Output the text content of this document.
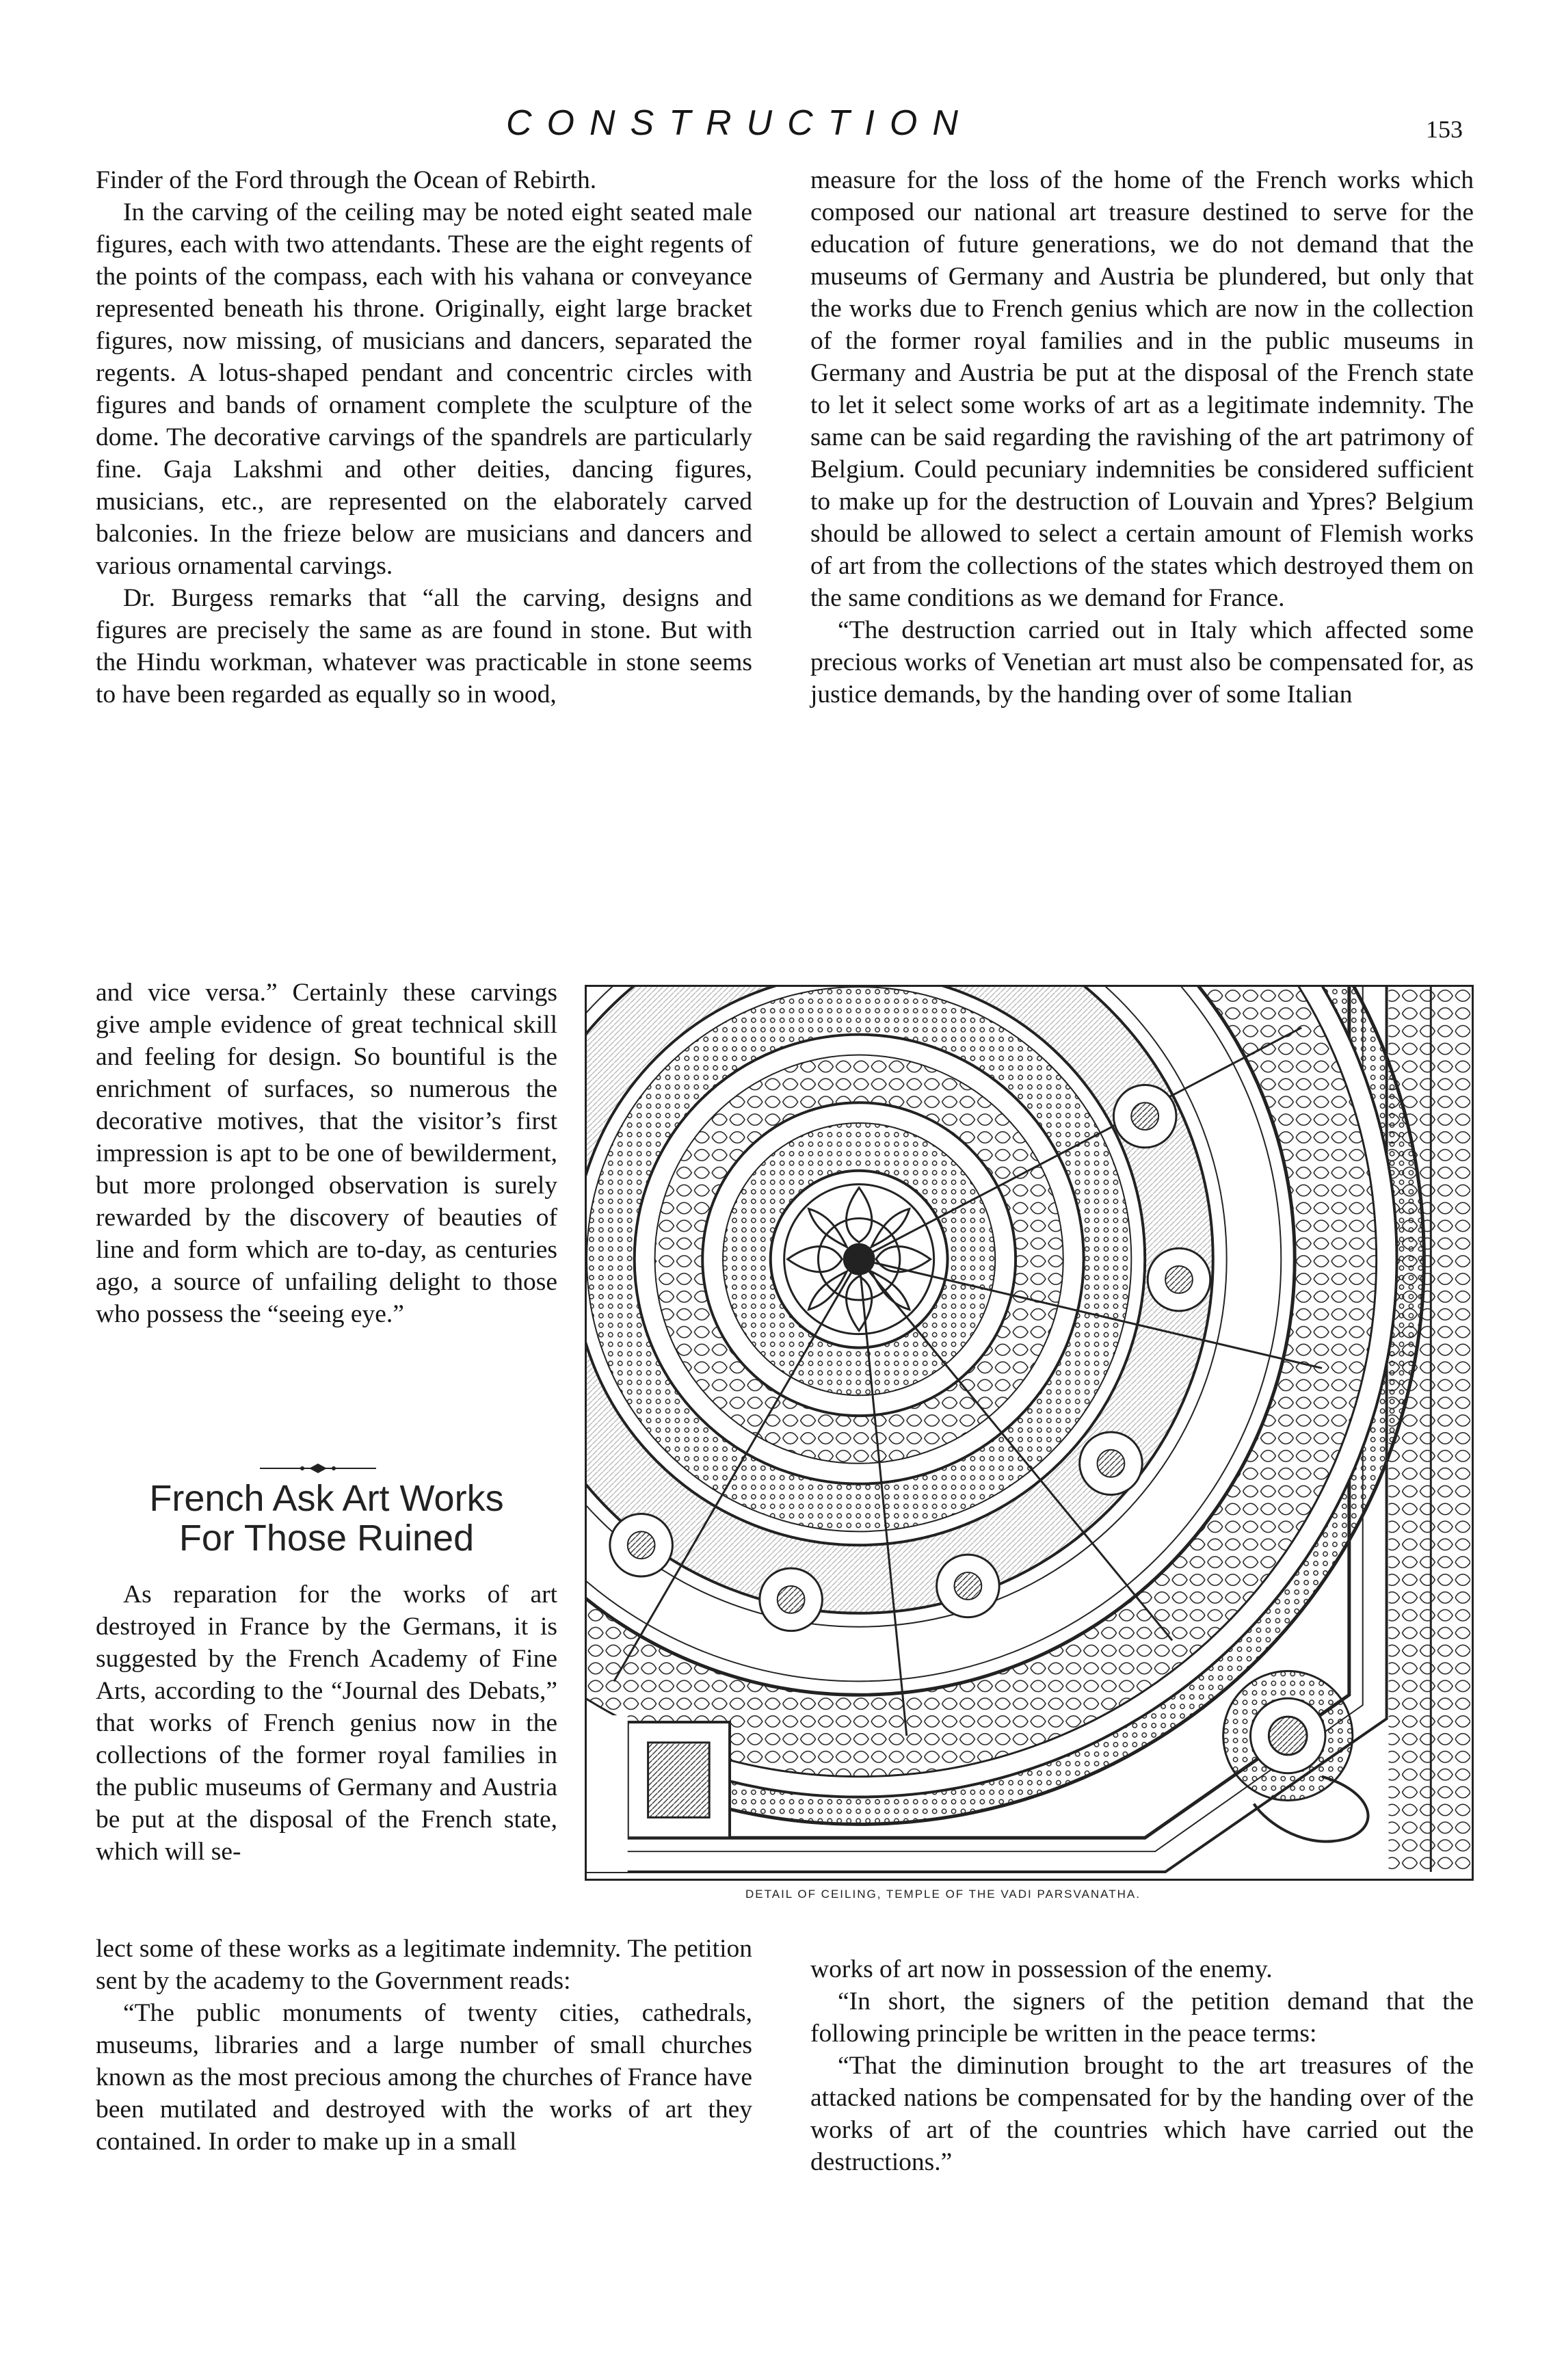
CONSTRUCTION	153

Finder of the Ford through the Ocean of Rebirth.

In the carving of the ceiling may be noted eight seated male figures, each with two attendants. These are the eight regents of the points of the compass, each with his vahana or conveyance represented beneath his throne. Originally, eight large bracket figures, now missing, of musicians and dancers, separated the regents. A lotus-shaped pendant and concentric circles with figures and bands of ornament complete the sculpture of the dome. The decorative carvings of the spandrels are particularly fine. Gaja Lakshmi and other deities, dancing figures, musicians, etc., are represented on the elaborately carved balconies. In the frieze below are musicians and dancers and various ornamental carvings.

Dr. Burgess remarks that “all the carving, designs and figures are precisely the same as are found in stone. But with the Hindu workman, whatever was practicable in stone seems to have been regarded as equally so in wood,

and vice versa.” Certainly these carvings give ample evidence of great technical skill and feeling for design. So bountiful is the enrichment of surfaces, so numerous the decorative motives, that the visitor’s first impression is apt to be one of bewilderment, but more prolonged observation is surely rewarded by the discovery of beauties of line and form which are to-day, as centuries ago, a source of unfailing delight to those who possess the “seeing eye.”

French Ask Art Works
For Those Ruined

As reparation for the works of art destroyed in France by the Germans, it is suggested by the French Academy of Fine Arts, according to the “Journal des Debats,” that works of French genius now in the collections of the former royal families in the public museums of Germany and Austria be put at the disposal of the French state, which will se-

lect some of these works as a legitimate indemnity. The petition sent by the academy to the Government reads:

“The public monuments of twenty cities, cathedrals, museums, libraries and a large number of small churches known as the most precious among the churches of France have been mutilated and destroyed with the works of art they contained. In order to make up in a small

measure for the loss of the home of the French works which composed our national art treasure destined to serve for the education of future generations, we do not demand that the museums of Germany and Austria be plundered, but only that the works due to French genius which are now in the collection of the former royal families and in the public museums in Germany and Austria be put at the disposal of the French state to let it select some works of art as a legitimate indemnity. The same can be said regarding the ravishing of the art patrimony of Belgium. Could pecuniary indemnities be considered sufficient to make up for the destruction of Louvain and Ypres? Belgium should be allowed to select a certain amount of Flemish works of art from the collections of the states which destroyed them on the same conditions as we demand for France.

“The destruction carried out in Italy which affected some precious works of Venetian art must also be compensated for, as justice demands, by the handing over of some Italian

DETAIL OF CEILING, TEMPLE OF THE VADI PARSVANATHA.

works of art now in possession of the enemy.

“In short, the signers of the petition demand that the following principle be written in the peace terms:

“That the diminution brought to the art treasures of the attacked nations be compensated for by the handing over of the works of art of the countries which have carried out the destructions.”
